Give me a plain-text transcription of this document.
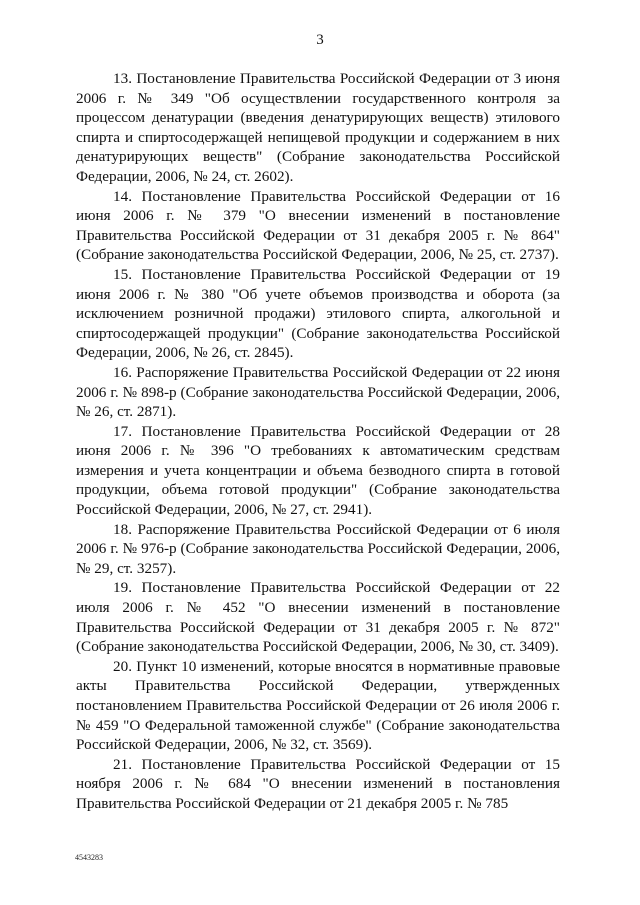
3

13. Постановление Правительства Российской Федерации от 3 июня 2006 г. № 349 "Об осуществлении государственного контроля за процессом денатурации (введения денатурирующих веществ) этилового спирта и спиртосодержащей непищевой продукции и содержанием в них денатурирующих веществ" (Собрание законодательства Российской Федерации, 2006, № 24, ст. 2602).

14. Постановление Правительства Российской Федерации от 16 июня 2006 г. № 379 "О внесении изменений в постановление Правительства Российской Федерации от 31 декабря 2005 г. № 864" (Собрание законодательства Российской Федерации, 2006, № 25, ст. 2737).

15. Постановление Правительства Российской Федерации от 19 июня 2006 г. № 380 "Об учете объемов производства и оборота (за исключением розничной продажи) этилового спирта, алкогольной и спиртосодержащей продукции" (Собрание законодательства Российской Федерации, 2006, № 26, ст. 2845).

16. Распоряжение Правительства Российской Федерации от 22 июня 2006 г. № 898-р (Собрание законодательства Российской Федерации, 2006, № 26, ст. 2871).

17. Постановление Правительства Российской Федерации от 28 июня 2006 г. № 396 "О требованиях к автоматическим средствам измерения и учета концентрации и объема безводного спирта в готовой продукции, объема готовой продукции" (Собрание законодательства Российской Федерации, 2006, № 27, ст. 2941).

18. Распоряжение Правительства Российской Федерации от 6 июля 2006 г. № 976-р (Собрание законодательства Российской Федерации, 2006, № 29, ст. 3257).

19. Постановление Правительства Российской Федерации от 22 июля 2006 г. № 452 "О внесении изменений в постановление Правительства Российской Федерации от 31 декабря 2005 г. № 872" (Собрание законодательства Российской Федерации, 2006, № 30, ст. 3409).

20. Пункт 10 изменений, которые вносятся в нормативные правовые акты Правительства Российской Федерации, утвержденных постановлением Правительства Российской Федерации от 26 июля 2006 г. № 459 "О Федеральной таможенной службе" (Собрание законодательства Российской Федерации, 2006, № 32, ст. 3569).

21. Постановление Правительства Российской Федерации от 15 ноября 2006 г. № 684 "О внесении изменений в постановления Правительства Российской Федерации от 21 декабря 2005 г. № 785

4543283
